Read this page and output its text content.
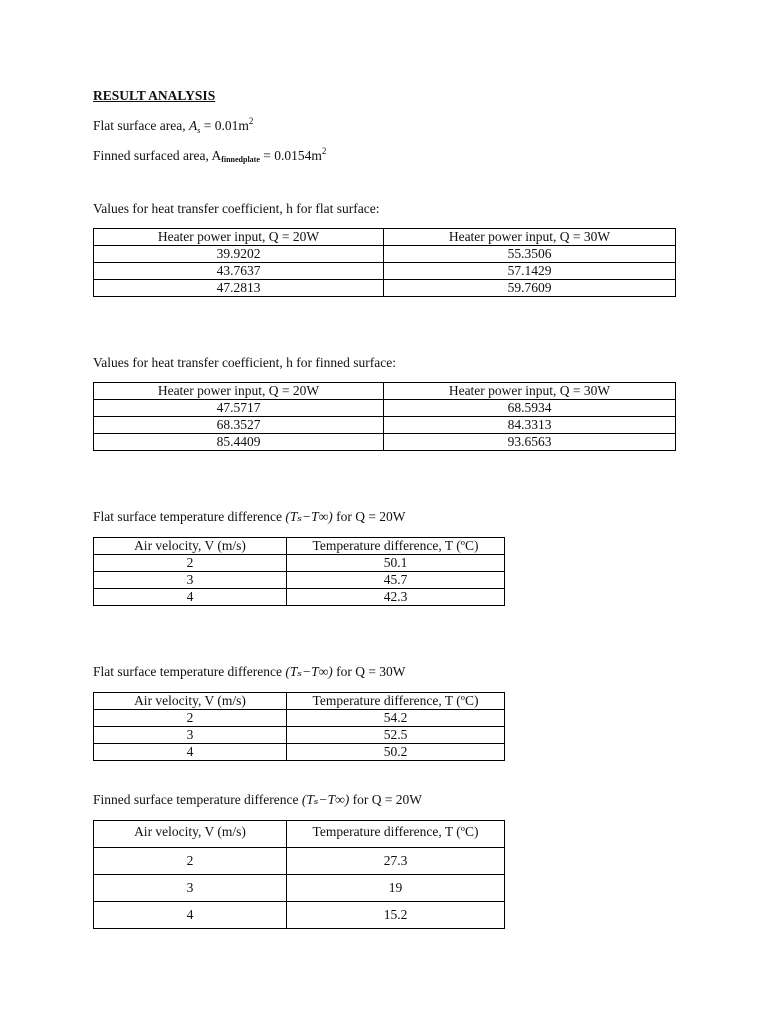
RESULT ANALYSIS
Flat surface area, $A_s = 0.01m^2$
Finned surfaced area, Afinnedplate = $0.0154m^2$
Values for heat transfer coefficient, h for flat surface:
Heater power input, Q = 20W	Heater power input, Q = 30W
39.9202	55.3506
43.7637	57.1429
47.2813	59.7609
Values for heat transfer coefficient, h for finned surface:
Heater power input, Q = 20W	Heater power input, Q = 30W
47.5717	68.5934
68.3527	84.3313
85.4409	93.6563
Flat surface temperature difference (Tₛ−T∞) for Q = 20W
Air velocity, V (m/s)	Temperature difference, T (ºC)
2	50.1
3	45.7
4	42.3
Flat surface temperature difference (Tₛ−T∞) for Q = 30W
Air velocity, V (m/s)	Temperature difference, T (ºC)
2	54.2
3	52.5
4	50.2
Finned surface temperature difference (Tₛ−T∞) for Q = 20W
Air velocity, V (m/s)	Temperature difference, T (ºC)
2	27.3
3	19
4	15.2
